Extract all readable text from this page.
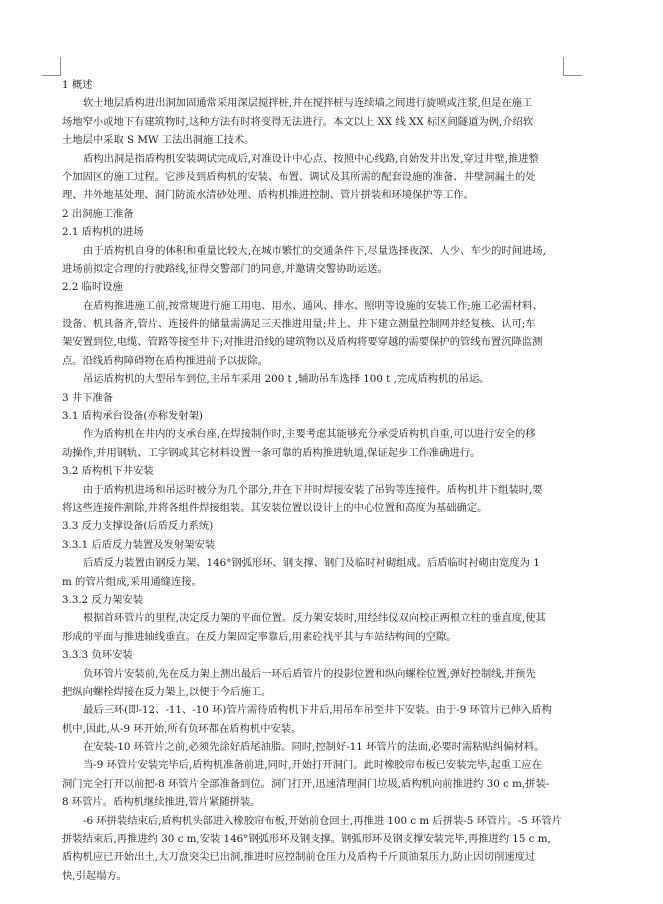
1 概述
软土地层盾构进出洞加固通常采用深层搅拌桩,并在搅拌桩与连续墙之间进行旋喷或注浆,但是在施工
场地窄小或地下有建筑物时,这种方法有时将变得无法进行。本文以上 XX 线 XX 标区间隧道为例,介绍软
土地层中采取 S MW 工法出洞施工技术。
盾构出洞是指盾构机安装调试完成后,对准设计中心点、按照中心线路,自始发井出发,穿过井壁,推进整
个加固区的施工过程。它涉及到盾构机的安装、布置、调试及其所需的配套设施的准备、井壁洞漏土的处
理、井外地基处理、洞门防流水清砂处理、盾构机推进控制、管片拼装和环境保护等工作。
2 出洞施工准备
2.1 盾构机的进场
由于盾构机自身的体积和重量比较大,在城市繁忙的交通条件下,尽量选择夜深、人少、车少的时间进场,
进场前拟定合理的行驶路线,征得交警部门的同意,并邀请交警协助运送。
2.2 临时设施
在盾构推进施工前,按常规进行施工用电、用水、通风、排水、照明等设施的安装工作;施工必需材料、
设备、机具备齐,管片、连接件的储量需满足三天推进用量;井上、井下建立测量控制网并经复核、认可;车
架安置到位,电缆、管路等接至井下;对推进沿线的建筑物以及盾构将要穿越的需要保护的管线布置沉降监测
点。沿线盾构障碍物在盾构推进前予以拔除。
吊运盾构机的大型吊车到位,主吊车采用 200 t ,辅助吊车选择 100 t ,完成盾构机的吊运。
3 井下准备
3.1 盾构承台设备(亦称发射架)
作为盾构机在井内的支承台座,在焊接制作时,主要考虑其能够充分承受盾构机自重,可以进行安全的移
动操作,并用钢轨、工字钢或其它材料设置一条可靠的盾构推进轨道,保证起步工作准确进行。
3.2 盾构机下井安装
由于盾构机进场和吊运时被分为几个部分,并在下井时焊接安装了吊钩等连接件。盾构机井下组装时,要
将这些连接件割除,并将各组件焊接组装。其安装位置以设计上的中心位置和高度为基础确定。
3.3 反力支撑设备(后盾反力系统)
3.3.1 后盾反力装置及发射架安装
后盾反力装置由钢反力架、146°钢弧形环、钢支撑、钢门及临时衬砌组成。后盾临时衬砌由宽度为 1
m 的管片组成,采用通缝连接。
3.3.2 反力架安装
根据首环管片的里程,决定反力架的平面位置。反力架安装时,用经纬仪双向校正两根立柱的垂直度,使其
形成的平面与推进轴线垂直。在反力架固定率靠后,用素砼找平其与车站结构间的空隙。
3.3.3 负环安装
负环管片安装前,先在反力架上测出最后一环后盾管片的投影位置和纵向螺栓位置,弹好控制线,并预先
把纵向螺栓焊接在反力架上,以便于今后施工。
最后三环(即-12、-11、-10 环)管片需待盾构机下井后,用吊车吊至井下安装。由于-9 环管片已伸入盾构
机中,因此,从-9 环开始,所有负环都在盾构机中安装。
在安装-10 环管片之前,必须先涂好盾尾油脂。同时,控制好-11 环管片的法面,必要时需粘贴纠偏材料。
当-9 环管片安装完毕后,盾构机准备前进,同时,开始打开洞门。此时橡胶帘布板已安装完毕,起重工应在
洞门完全打开以前把-8 环管片全部准备到位。洞门打开,迅速清理洞门垃圾,盾构机向前推进约 30 c m,拼装-
8 环管片。盾构机继续推进,管片紧随拼装。
-6 环拼装结束后,盾构机头部进入橡胶帘布板,开始前仓回土,再推进 100 c m 后拼装-5 环管片。-5 环管片
拼装结束后,再推进约 30 c m,安装 146°钢弧形环及钢支撑。钢弧形环及钢支撑安装完毕,再推进约 15 c m,
盾构机应已开始出土,大刀盘突尖已出洞,推进时应控制前仓压力及盾构千斤顶油泵压力,防止因切削速度过
快,引起塌方。
